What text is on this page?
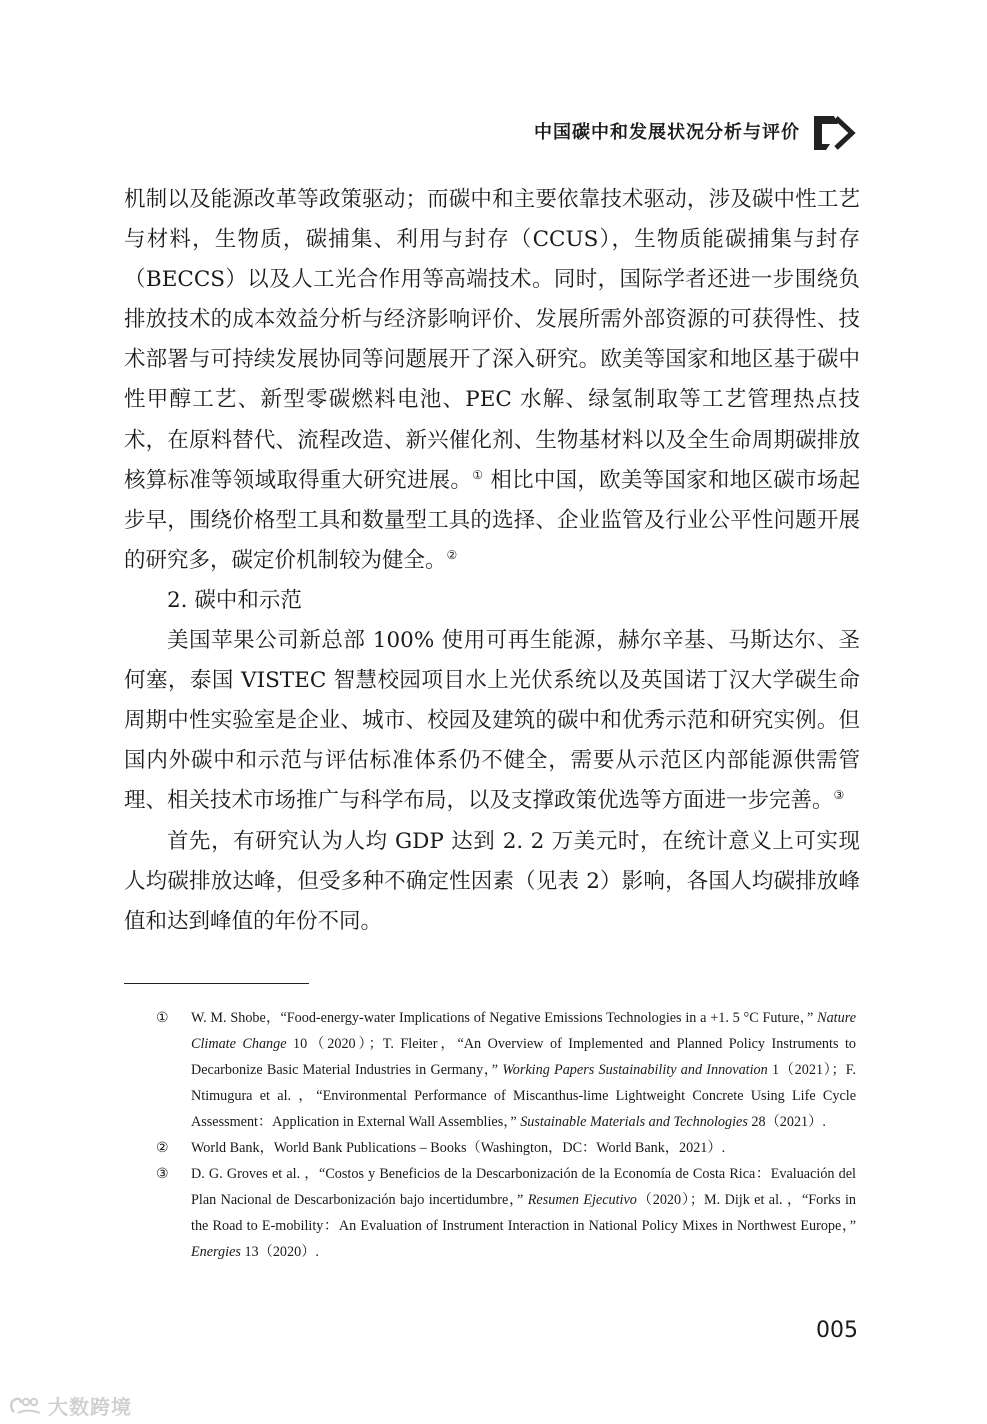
中国碳中和发展状况分析与评价

机制以及能源改革等政策驱动；而碳中和主要依靠技术驱动，涉及碳中性工艺与材料，生物质，碳捕集、利用与封存（CCUS），生物质能碳捕集与封存（BECCS）以及人工光合作用等高端技术。同时，国际学者还进一步围绕负排放技术的成本效益分析与经济影响评价、发展所需外部资源的可获得性、技术部署与可持续发展协同等问题展开了深入研究。欧美等国家和地区基于碳中性甲醇工艺、新型零碳燃料电池、PEC 水解、绿氢制取等工艺管理热点技术，在原料替代、流程改造、新兴催化剂、生物基材料以及全生命周期碳排放核算标准等领域取得重大研究进展。① 相比中国，欧美等国家和地区碳市场起步早，围绕价格型工具和数量型工具的选择、企业监管及行业公平性问题开展的研究多，碳定价机制较为健全。②

2. 碳中和示范

美国苹果公司新总部 100% 使用可再生能源，赫尔辛基、马斯达尔、圣何塞，泰国 VISTEC 智慧校园项目水上光伏系统以及英国诺丁汉大学碳生命周期中性实验室是企业、城市、校园及建筑的碳中和优秀示范和研究实例。但国内外碳中和示范与评估标准体系仍不健全，需要从示范区内部能源供需管理、相关技术市场推广与科学布局，以及支撑政策优选等方面进一步完善。③

首先，有研究认为人均 GDP 达到 2. 2 万美元时，在统计意义上可实现人均碳排放达峰，但受多种不确定性因素（见表 2）影响，各国人均碳排放峰值和达到峰值的年份不同。

① W. M. Shobe，“Food-energy-water Implications of Negative Emissions Technologies in a +1. 5 °C Future，” Nature Climate Change 10（2020）；T. Fleiter，“An Overview of Implemented and Planned Policy Instruments to Decarbonize Basic Material Industries in Germany，” Working Papers Sustainability and Innovation 1（2021）；F. Ntimugura et al. ，“Environmental Performance of Miscanthus-lime Lightweight Concrete Using Life Cycle Assessment：Application in External Wall Assemblies，” Sustainable Materials and Technologies 28（2021）.

② World Bank，World Bank Publications – Books（Washington，DC：World Bank，2021）.

③ D. G. Groves et al. ，“Costos y Beneficios de la Descarbonización de la Economía de Costa Rica：Evaluación del Plan Nacional de Descarbonización bajo incertidumbre，” Resumen Ejecutivo（2020）；M. Dijk et al. ，“Forks in the Road to E-mobility：An Evaluation of Instrument Interaction in National Policy Mixes in Northwest Europe，” Energies 13（2020）.

005
大数跨境
